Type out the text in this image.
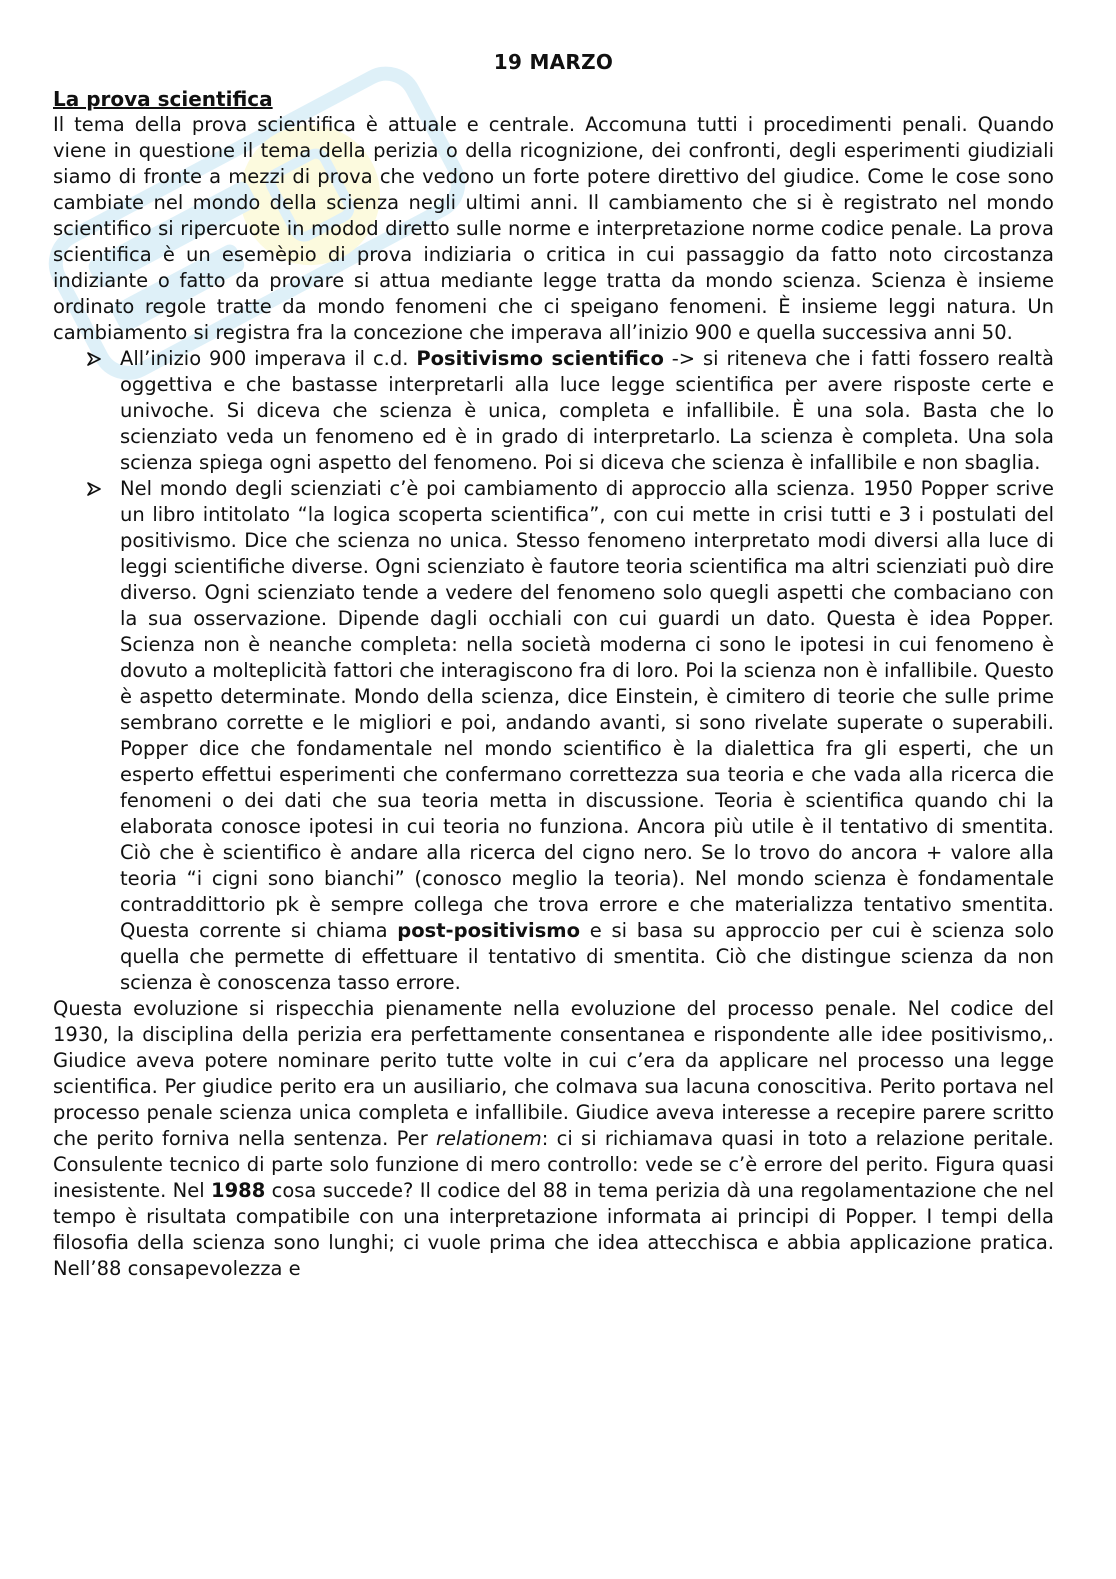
19 MARZO
La prova scientifica

Il tema della prova scientifica è attuale e centrale. Accomuna tutti i procedimenti penali. Quando viene in questione il tema della perizia o della ricognizione, dei confronti, degli esperimenti giudiziali siamo di fronte a mezzi di prova che vedono un forte potere direttivo del giudice. Come le cose sono cambiate nel mondo della scienza negli ultimi anni. Il cambiamento che si è registrato nel mondo scientifico si ripercuote in modod diretto sulle norme e interpretazione norme codice penale. La prova scientifica è un esemèpio di prova indiziaria o critica in cui passaggio da fatto noto circostanza indiziante o fatto da provare si attua mediante legge tratta da mondo scienza. Scienza è insieme ordinato regole tratte da mondo fenomeni che ci speigano fenomeni. È insieme leggi natura. Un cambiamento si registra fra la concezione che imperava all’inizio 900 e quella successiva anni 50.

All’inizio 900 imperava il c.d. Positivismo scientifico -> si riteneva che i fatti fossero realtà oggettiva e che bastasse interpretarli alla luce legge scientifica per avere risposte certe e univoche. Si diceva che scienza è unica, completa e infallibile. È una sola. Basta che lo scienziato veda un fenomeno ed è in grado di interpretarlo. La scienza è completa. Una sola scienza spiega ogni aspetto del fenomeno. Poi si diceva che scienza è infallibile e non sbaglia.
Nel mondo degli scienziati c’è poi cambiamento di approccio alla scienza. 1950 Popper scrive un libro intitolato “la logica scoperta scientifica”, con cui mette in crisi tutti e 3 i postulati del positivismo. Dice che scienza no unica. Stesso fenomeno interpretato modi diversi alla luce di leggi scientifiche diverse. Ogni scienziato è fautore teoria scientifica ma altri scienziati può dire diverso. Ogni scienziato tende a vedere del fenomeno solo quegli aspetti che combaciano con la sua osservazione. Dipende dagli occhiali con cui guardi un dato. Questa è idea Popper. Scienza non è neanche completa: nella società moderna ci sono le ipotesi in cui fenomeno è dovuto a molteplicità fattori che interagiscono fra di loro. Poi la scienza non è infallibile. Questo è aspetto determinate. Mondo della scienza, dice Einstein, è cimitero di teorie che sulle prime sembrano corrette e le migliori e poi, andando avanti, si sono rivelate superate o superabili. Popper dice che fondamentale nel mondo scientifico è la dialettica fra gli esperti, che un esperto effettui esperimenti che confermano correttezza sua teoria e che vada alla ricerca die fenomeni o dei dati che sua teoria metta in discussione. Teoria è scientifica quando chi la elaborata conosce ipotesi in cui teoria no funziona. Ancora più utile è il tentativo di smentita. Ciò che è scientifico è andare alla ricerca del cigno nero. Se lo trovo do ancora + valore alla teoria “i cigni sono bianchi” (conosco meglio la teoria). Nel mondo scienza è fondamentale contraddittorio pk è sempre collega che trova errore e che materializza tentativo smentita. Questa corrente si chiama post-positivismo e si basa su approccio per cui è scienza solo quella che permette di effettuare il tentativo di smentita. Ciò che distingue scienza da non scienza è conoscenza tasso errore.

Questa evoluzione si rispecchia pienamente nella evoluzione del processo penale. Nel codice del 1930, la disciplina della perizia era perfettamente consentanea e rispondente alle idee positivismo,. Giudice aveva potere nominare perito tutte volte in cui c’era da applicare nel processo una legge scientifica. Per giudice perito era un ausiliario, che colmava sua lacuna conoscitiva. Perito portava nel processo penale scienza unica completa e infallibile. Giudice aveva interesse a recepire parere scritto che perito forniva nella sentenza. Per relationem: ci si richiamava quasi in toto a relazione peritale. Consulente tecnico di parte solo funzione di mero controllo: vede se c’è errore del perito. Figura quasi inesistente. Nel 1988 cosa succede? Il codice del 88 in tema perizia dà una regolamentazione che nel tempo è risultata compatibile con una interpretazione informata ai principi di Popper. I tempi della filosofia della scienza sono lunghi; ci vuole prima che idea attecchisca e abbia applicazione pratica. Nell’88 consapevolezza e
